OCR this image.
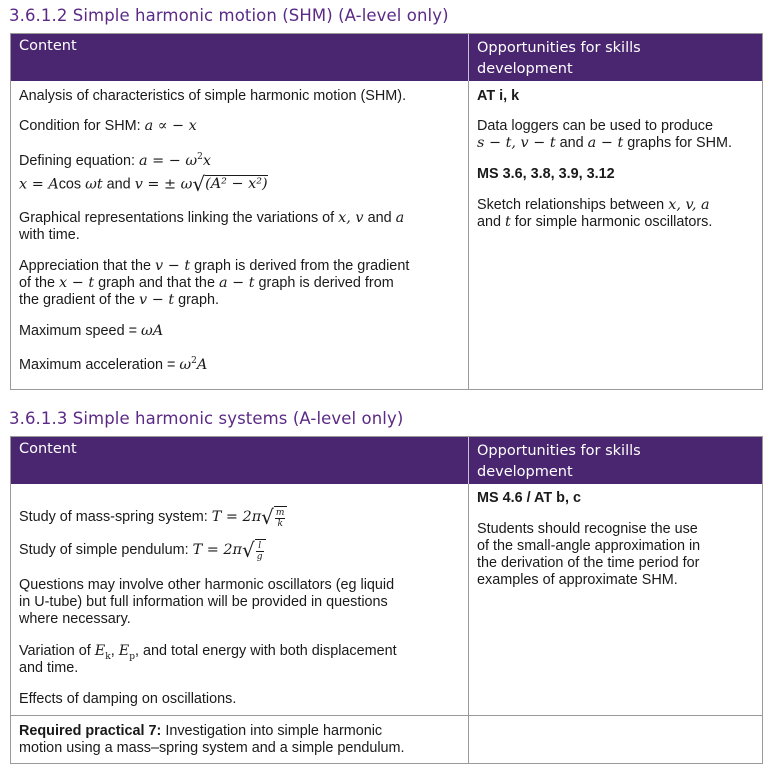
3.6.1.2 Simple harmonic motion (SHM) (A-level only)
Content	Opportunities for skills
development
Analysis of characteristics of simple harmonic motion (SHM).
Condition for SHM: a ∝ − x
Defining equation: a = − $\omega^2x$
x = Acos ωt and v = ± ω√(A² − x²)
Graphical representations linking the variations of x, v and a
with time.
Appreciation that the v − t graph is derived from the gradient
of the x − t graph and that the a − t graph is derived from
the gradient of the v − t graph.
Maximum speed = ωA
Maximum acceleration = $\omega^2A$
AT i, k
Data loggers can be used to produce
s − t, v − t and a − t graphs for SHM.
MS 3.6, 3.8, 3.9, 3.12
Sketch relationships between x, v, a
and t for simple harmonic oscillators.
3.6.1.3 Simple harmonic systems (A-level only)
Content	Opportunities for skills
development
Study of mass-spring system: $T = 2\pi√ \frac{m}{k}$
Study of simple pendulum: $T = 2\pi√ \frac{l}{g}$
Questions may involve other harmonic oscillators (eg liquid
in U-tube) but full information will be provided in questions
where necessary.
Variation of $E_k$, $E_p$, and total energy with both displacement
and time.
Effects of damping on oscillations.
Required practical 7: Investigation into simple harmonic
motion using a mass–spring system and a simple pendulum.
MS 4.6 / AT b, c
Students should recognise the use
of the small-angle approximation in
the derivation of the time period for
examples of approximate SHM.
